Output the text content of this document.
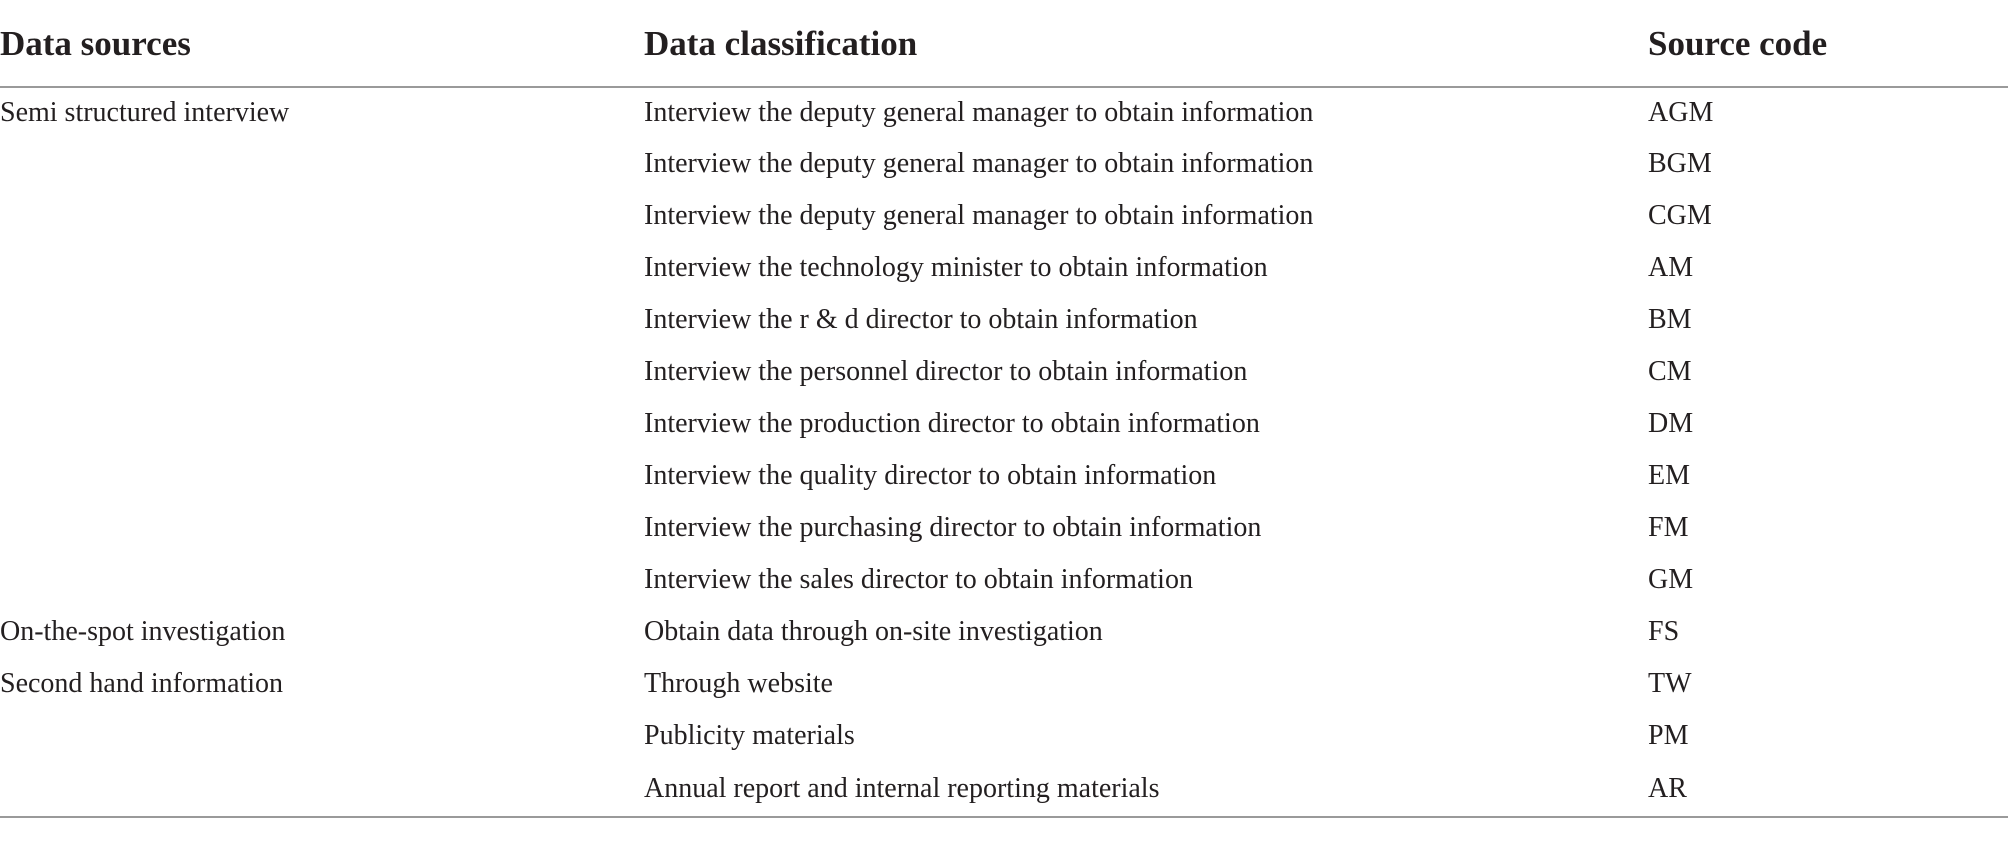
Data sources	Data classification	Source code
Semi structured interview	Interview the deputy general manager to obtain information	AGM
	Interview the deputy general manager to obtain information	BGM
	Interview the deputy general manager to obtain information	CGM
	Interview the technology minister to obtain information	AM
	Interview the r & d director to obtain information	BM
	Interview the personnel director to obtain information	CM
	Interview the production director to obtain information	DM
	Interview the quality director to obtain information	EM
	Interview the purchasing director to obtain information	FM
	Interview the sales director to obtain information	GM
On-the-spot investigation	Obtain data through on-site investigation	FS
Second hand information	Through website	TW
	Publicity materials	PM
	Annual report and internal reporting materials	AR
